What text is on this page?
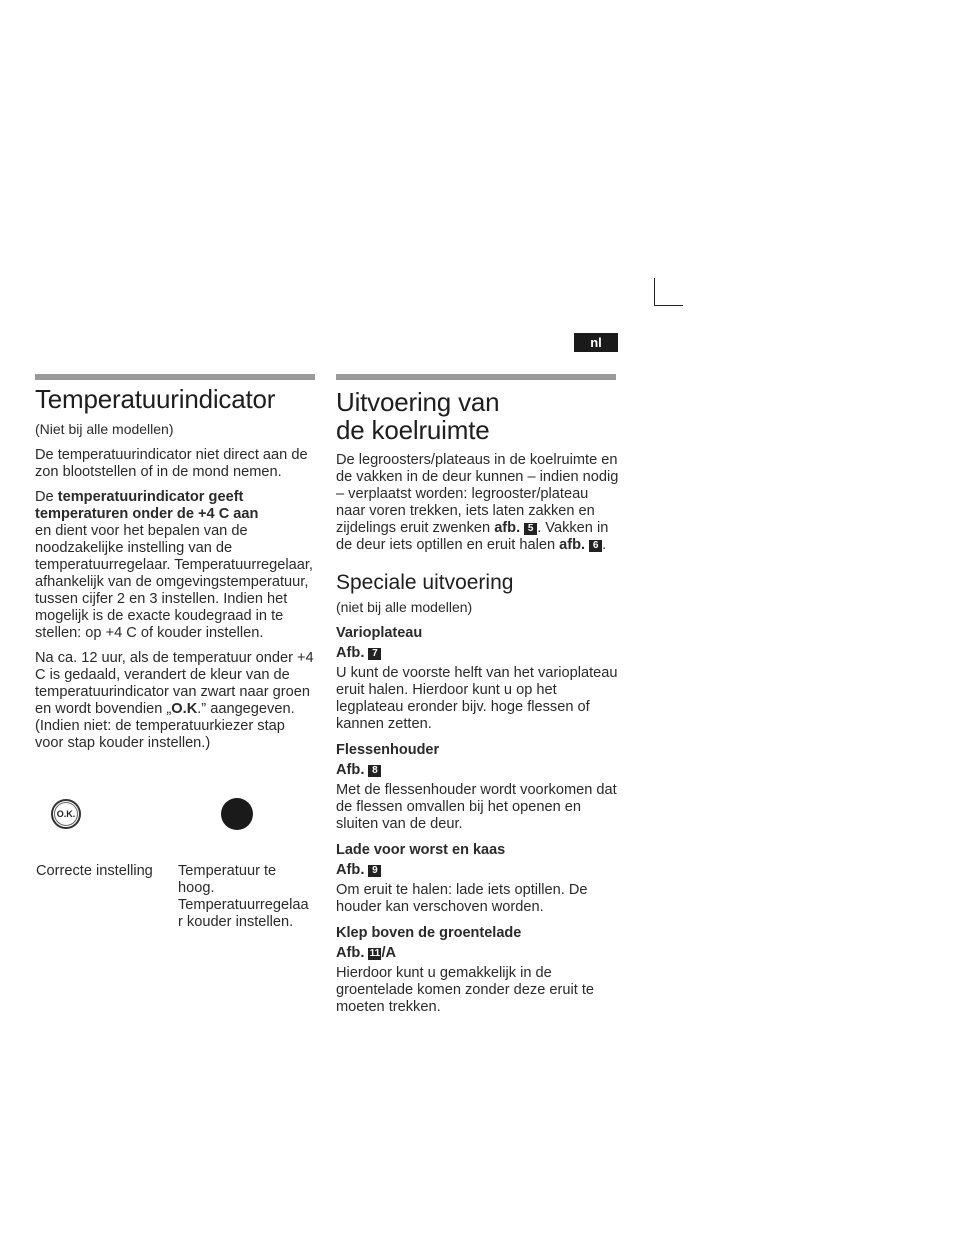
nl
Temperatuurindicator

(Niet bij alle modellen)

De temperatuurindicator niet direct aan de zon blootstellen of in de mond nemen.

De temperatuurindicator geeft temperaturen onder de +4 C aan
en dient voor het bepalen van de noodzakelijke instelling van de temperatuurregelaar. Temperatuurregelaar, afhankelijk van de omgevingstemperatuur, tussen cijfer 2 en 3 instellen. Indien het mogelijk is de exacte koudegraad in te stellen: op +4 C of kouder instellen.

Na ca. 12 uur, als de temperatuur onder +4 C is gedaald, verandert de kleur van de temperatuurindicator van zwart naar groen en wordt bovendien „O.K.” aangegeven. (Indien niet: de temperatuurkiezer stap voor stap kouder instellen.)

O.K.
Correcte instelling	Temperatuur te hoog. Temperatuurregelaa r kouder instellen.
Uitvoering van
de koelruimte

De legroosters/plateaus in de koelruimte en de vakken in de deur kunnen – indien nodig – verplaatst worden: legrooster/plateau naar voren trekken, iets laten zakken en zijdelings eruit zwenken afb. 5 . Vakken in de deur iets optillen en eruit halen afb. 6 .

Speciale uitvoering

(niet bij alle modellen)

Varioplateau

Afb. 7

U kunt de voorste helft van het varioplateau eruit halen. Hierdoor kunt u op het legplateau eronder bijv. hoge flessen of kannen zetten.

Flessenhouder

Afb. 8

Met de flessenhouder wordt voorkomen dat de flessen omvallen bij het openen en sluiten van de deur.

Lade voor worst en kaas

Afb. 9

Om eruit te halen: lade iets optillen. De houder kan verschoven worden.

Klep boven de groentelade

Afb. 11/A

Hierdoor kunt u gemakkelijk in de groentelade komen zonder deze eruit te moeten trekken.
